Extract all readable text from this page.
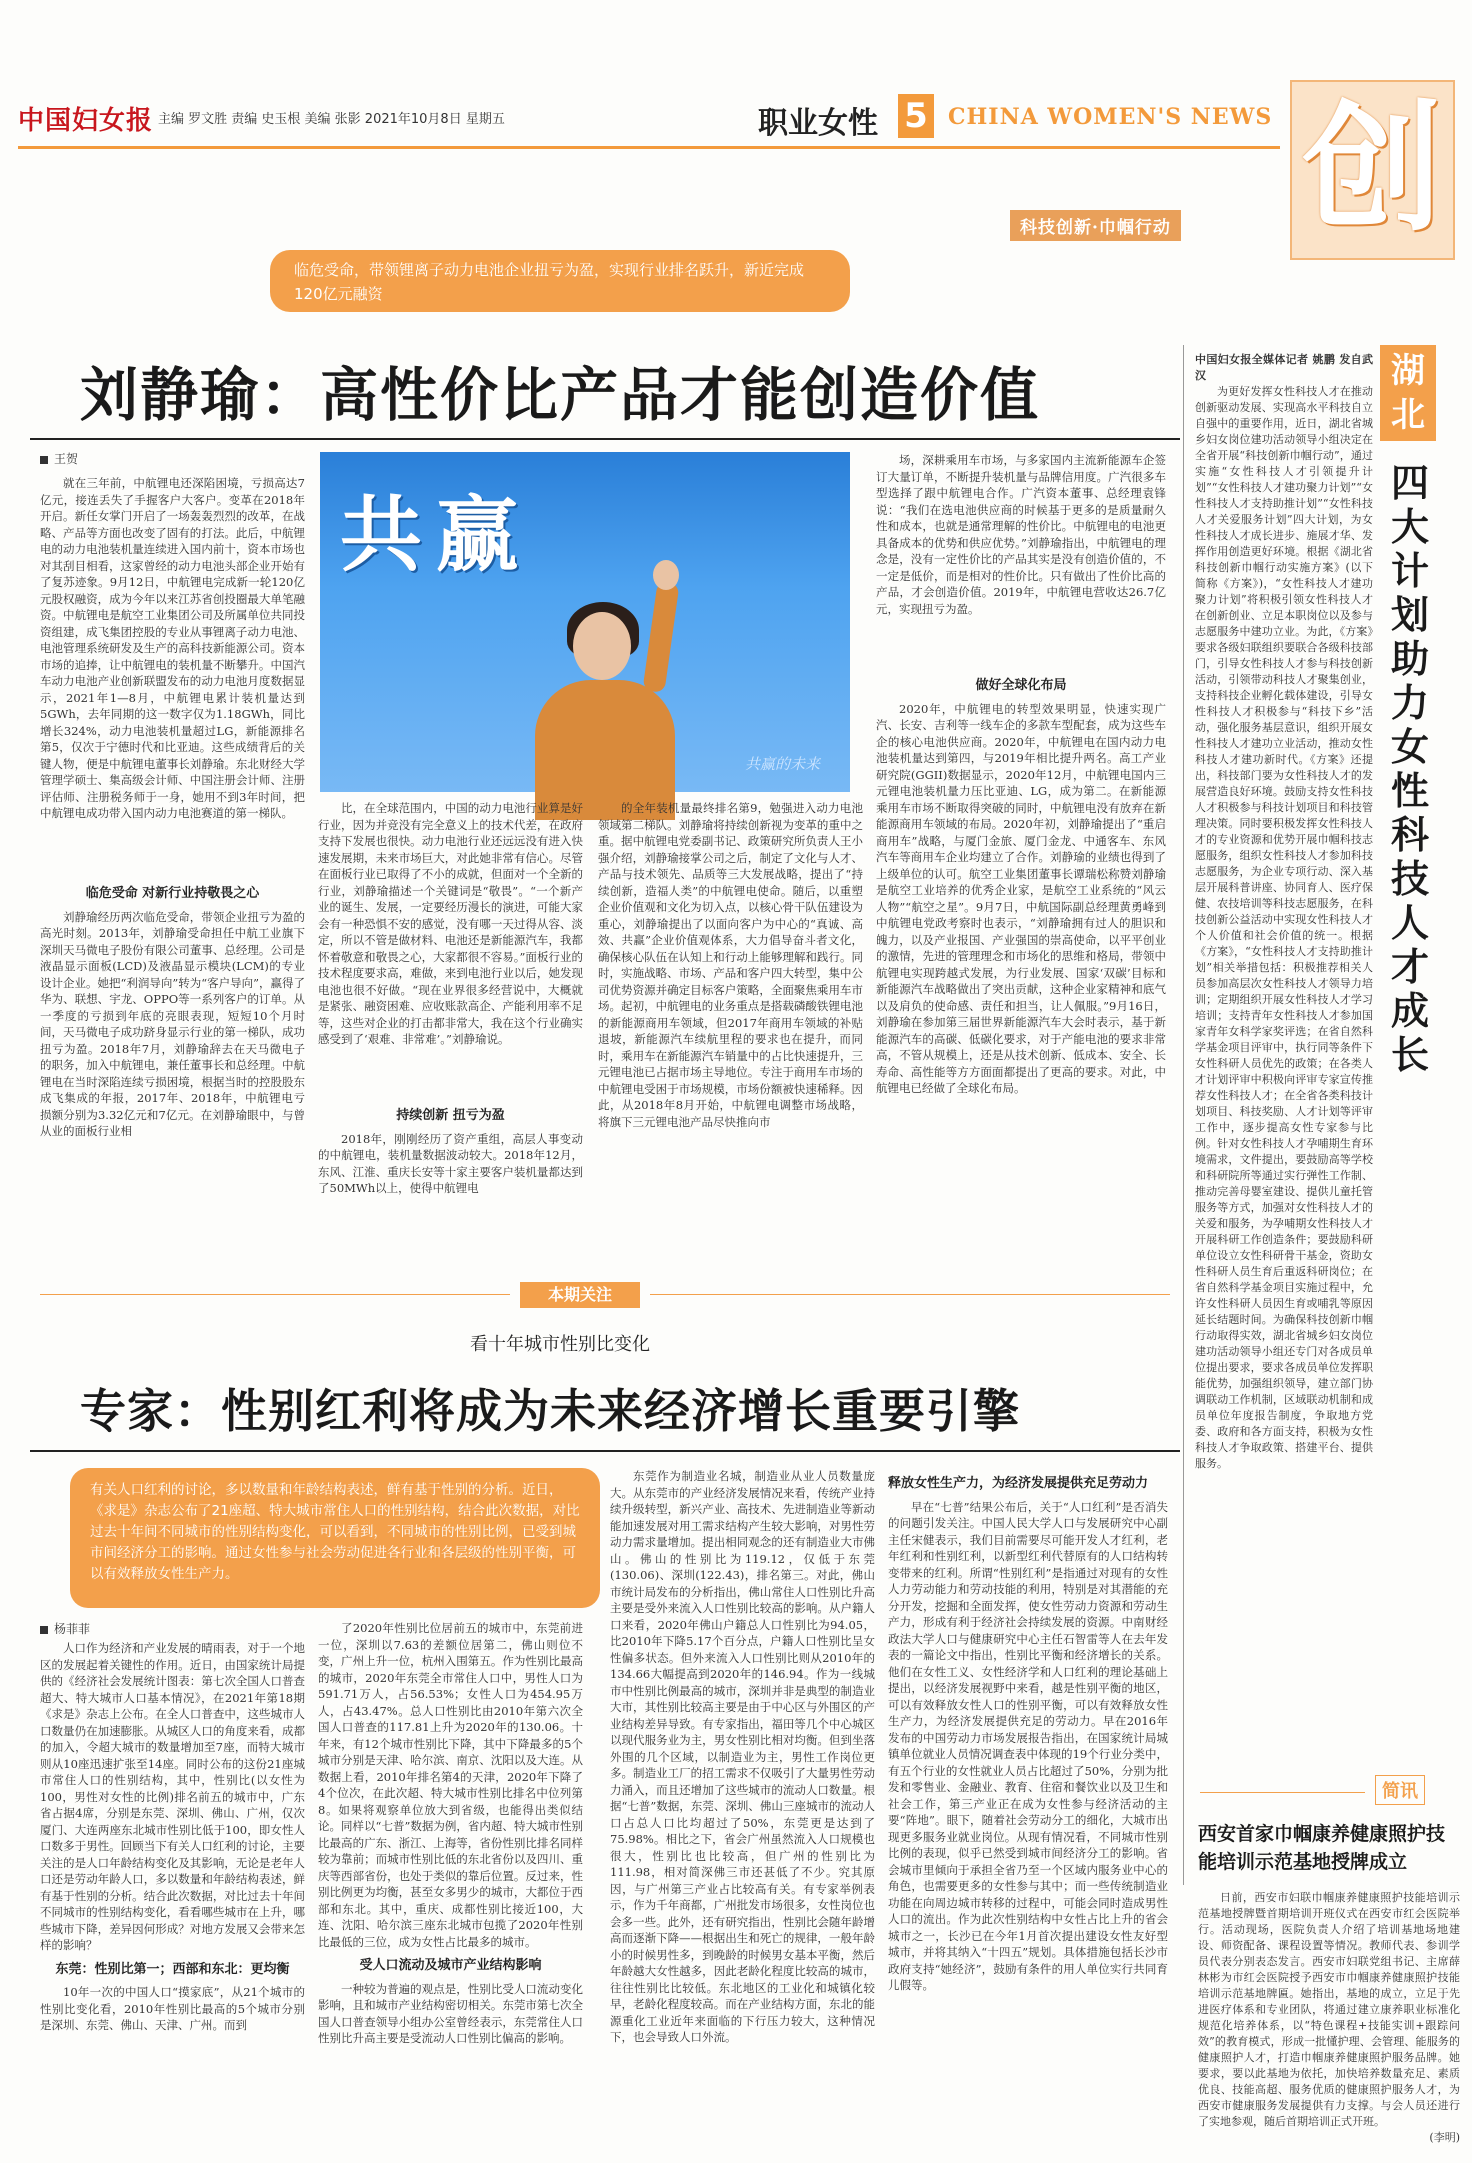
中国妇女报 主编 罗文胜 责编 史玉根 美编 张影 2021年10月8日 星期五	职业女性 5 CHINA WOMEN'S NEWS 创
科技创新·巾帼行动
临危受命，带领锂离子动力电池企业扭亏为盈，实现行业排名跃升，新近完成120亿元融资
刘静瑜：高性价比产品才能创造价值
王贺
共赢
共赢的未来

就在三年前，中航锂电还深陷困境，亏损高达7亿元，接连丢失了手握客户大客户。变革在2018年开启。新任女掌门开启了一场轰轰烈烈的改革，在战略、产品等方面也改变了固有的打法。此后，中航锂电的动力电池装机量连续进入国内前十，资本市场也对其刮目相看，这家曾经的动力电池头部企业开始有了复苏迹象。9月12日，中航锂电完成新一轮120亿元股权融资，成为今年以来江苏省创投圈最大单笔融资。中航锂电是航空工业集团公司及所属单位共同投资组建，成飞集团控股的专业从事锂离子动力电池、电池管理系统研发及生产的高科技新能源公司。资本市场的追捧，让中航锂电的装机量不断攀升。中国汽车动力电池产业创新联盟发布的动力电池月度数据显示，2021年1—8月，中航锂电累计装机量达到5GWh，去年同期的这一数字仅为1.18GWh，同比增长324%，动力电池装机量超过LG，新能源排名第5，仅次于宁德时代和比亚迪。这些成绩背后的关键人物，便是中航锂电董事长刘静瑜。东北财经大学管理学硕士、集高级会计师、中国注册会计师、注册评估师、注册税务师于一身，她用不到3年时间，把中航锂电成功带入国内动力电池赛道的第一梯队。

临危受命 对新行业持敬畏之心

刘静瑜经历两次临危受命，带领企业扭亏为盈的高光时刻。2013年，刘静瑜受命担任中航工业旗下深圳天马微电子股份有限公司董事、总经理。公司是液晶显示面板(LCD)及液晶显示模块(LCM)的专业设计企业。她把“利润导向”转为“客户导向”，赢得了华为、联想、宇龙、OPPO等一系列客户的订单。从一季度的亏损到年底的亮眼表现，短短10个月时间，天马微电子成功跻身显示行业的第一梯队，成功扭亏为盈。2018年7月，刘静瑜辞去在天马微电子的职务，加入中航锂电，兼任董事长和总经理。中航锂电在当时深陷连续亏损困境，根据当时的控股股东成飞集成的年报，2017年、2018年，中航锂电亏损额分别为3.32亿元和7亿元。在刘静瑜眼中，与曾从业的面板行业相

比，在全球范围内，中国的动力电池行业算是好行业，因为并竞没有完全意义上的技术代差，在政府支持下发展也很快。动力电池行业还远远没有进入快速发展期，未来市场巨大，对此她非常有信心。尽管在面板行业已取得了不小的成就，但面对一个全新的行业，刘静瑜描述一个关键词是“敬畏”。“一个新产业的诞生、发展，一定要经历漫长的演进，可能大家会有一种恐惧不安的感觉，没有哪一天过得从容、淡定，所以不管是做材料、电池还是新能源汽车，我都怀着敬意和敬畏之心，大家都很不容易。”面板行业的技术程度要求高，难做，来到电池行业以后，她发现电池也很不好做。“现在业界很多经营说中，大概就是紧张、融资困难、应收账款高企、产能利用率不足等，这些对企业的打击都非常大，我在这个行业确实感受到了‘艰难、非常难’。”刘静瑜说。

持续创新 扭亏为盈

2018年，刚刚经历了资产重组，高层人事变动的中航锂电，装机量数据波动较大。2018年12月，东风、江淮、重庆长安等十家主要客户装机量都达到了50MWh以上，使得中航锂电

的全年装机量最终排名第9，勉强进入动力电池领域第二梯队。刘静瑜将持续创新视为变革的重中之重。据中航锂电党委副书记、政策研究所负责人王小强介绍，刘静瑜接掌公司之后，制定了文化与人才、产品与技术领先、品质等三大发展战略，提出了“持续创新，造福人类”的中航锂电使命。随后，以重塑企业价值观和文化为切入点，以核心骨干队伍建设为重心，刘静瑜提出了以面向客户为中心的“真诚、高效、共赢”企业价值观体系，大力倡导奋斗者文化，确保核心队伍在认知上和行动上能够理解和践行。同时，实施战略、市场、产品和客户四大转型，集中公司优势资源并确定目标客户策略，全面聚焦乘用车市场。起初，中航锂电的业务重点是搭载磷酸铁锂电池的新能源商用车领域，但2017年商用车领域的补贴退坡，新能源汽车续航里程的要求也在提升，而同时，乘用车在新能源汽车销量中的占比快速提升，三元锂电池已占据市场主导地位。专注于商用车市场的中航锂电受困于市场规模，市场份额被快速稀释。因此，从2018年8月开始，中航锂电调整市场战略，将旗下三元锂电池产品尽快推向市

场，深耕乘用车市场，与多家国内主流新能源车企签订大量订单，不断提升装机量与品牌信用度。广汽很多车型选择了跟中航锂电合作。广汽资本董事、总经理袁锋说：“我们在选电池供应商的时候基于更多的是质量耐久性和成本，也就是通常理解的性价比。中航锂电的电池更具备成本的优势和供应优势。”刘静瑜指出，中航锂电的理念是，没有一定性价比的产品其实是没有创造价值的，不一定是低价，而是相对的性价比。只有做出了性价比高的产品，才会创造价值。2019年，中航锂电营收达26.7亿元，实现扭亏为盈。

做好全球化布局

2020年，中航锂电的转型效果明显，快速实现广汽、长安、吉利等一线车企的多款车型配套，成为这些车企的核心电池供应商。2020年，中航锂电在国内动力电池装机量达到第四，与2019年相比提升两名。高工产业研究院(GGII)数据显示，2020年12月，中航锂电国内三元锂电池装机量力压比亚迪、LG，成为第二。在新能源乘用车市场不断取得突破的同时，中航锂电没有放弃在新能源商用车领域的布局。2020年初，刘静瑜提出了“重启商用车”战略，与厦门金旅、厦门金龙、中通客车、东风汽车等商用车企业均建立了合作。刘静瑜的业绩也得到了上级单位的认可。航空工业集团董事长谭瑞松称赞刘静瑜是航空工业培养的优秀企业家，是航空工业系统的“风云人物”“航空之星”。9月7日，中航国际副总经理黄勇峰到中航锂电党政考察时也表示，“刘静瑜拥有过人的胆识和魄力，以及产业报国、产业强国的崇高使命，以平平创业的激情，先进的管理理念和市场化的思维和格局，带领中航锂电实现跨越式发展，为行业发展、国家‘双碳’目标和新能源汽车战略做出了突出贡献，这种企业家精神和底气以及肩负的使命感、责任和担当，让人佩服。”9月16日，刘静瑜在参加第三届世界新能源汽车大会时表示，基于新能源汽车的高碳、低碳化要求，对于产能电池的要求非常高，不管从规模上，还是从技术创新、低成本、安全、长寿命、高性能等方方面面都提出了更高的要求。对此，中航锂电已经做了全球化布局。

本期关注
看十年城市性别比变化
专家：性别红利将成为未来经济增长重要引擎
有关人口红利的讨论，多以数量和年龄结构表述，鲜有基于性别的分析。近日，《求是》杂志公布了21座超、特大城市常住人口的性别结构，结合此次数据，对比过去十年间不同城市的性别结构变化，可以看到，不同城市的性别比例，已受到城市间经济分工的影响。通过女性参与社会劳动促进各行业和各层级的性别平衡，可以有效释放女性生产力。
杨菲菲

人口作为经济和产业发展的晴雨表，对于一个地区的发展起着关键性的作用。近日，由国家统计局提供的《经济社会发展统计图表：第七次全国人口普查超大、特大城市人口基本情况》，在2021年第18期《求是》杂志上公布。在全人口普查中，这些城市人口数量仍在加速膨胀。从城区人口的角度来看，成都的加入，令超大城市的数量增加至7座，而特大城市则从10座迅速扩张至14座。同时公布的这份21座城市常住人口的性别结构，其中，性别比(以女性为100，男性对女性的比例)排名前五的城市中，广东省占据4席，分别是东莞、深圳、佛山、广州，仅次厦门、大连两座东北城市性别比低于100，即女性人口数多于男性。回顾当下有关人口红利的讨论，主要关注的是人口年龄结构变化及其影响，无论是老年人口还是劳动年龄人口，多以数量和年龄结构表述，鲜有基于性别的分析。结合此次数据，对比过去十年间不同城市的性别结构变化，看看哪些城市在上升，哪些城市下降，差异因何形成？对地方发展又会带来怎样的影响？

东莞：性别比第一；西部和东北：更均衡

10年一次的中国人口“摸家底”，从21个城市的性别比变化看，2010年性别比最高的5个城市分别是深圳、东莞、佛山、天津、广州。而到

了2020年性别比位居前五的城市中，东莞前进一位，深圳以7.63的差额位居第二，佛山则位不变，广州上升一位，杭州入围第五。作为性别比最高的城市，2020年东莞全市常住人口中，男性人口为591.71万人，占56.53%；女性人口为454.95万人，占43.47%。总人口性别比由2010年第六次全国人口普查的117.81上升为2020年的130.06。十年来，有12个城市性别比下降，其中下降最多的5个城市分别是天津、哈尔滨、南京、沈阳以及大连。从数据上看，2010年排名第4的天津，2020年下降了4个位次，在此次超、特大城市性别比排名中位列第8。如果将观察单位放大到省级，也能得出类似结论。同样以“七普”数据为例，省内超、特大城市性别比最高的广东、浙江、上海等，省份性别比排名同样较为靠前；而城市性别比低的东北省份以及四川、重庆等西部省份，也处于类似的靠后位置。反过来，性别比例更为均衡，甚至女多男少的城市，大都位于西部和东北。其中，重庆、成都性别比接近100，大连、沈阳、哈尔滨三座东北城市包揽了2020年性别比最低的三位，成为女性占比最多的城市。

受人口流动及城市产业结构影响

一种较为普遍的观点是，性别比受人口流动变化影响，且和城市产业结构密切相关。东莞市第七次全国人口普查领导小组办公室曾经表示，东莞常住人口性别比升高主要是受流动人口性别比偏高的影响。

东莞作为制造业名城，制造业从业人员数量庞大。从东莞市的产业经济发展情况来看，传统产业持续升级转型，新兴产业、高技术、先进制造业等新动能加速发展对用工需求结构产生较大影响，对男性劳动力需求量增加。提出相同观念的还有制造业大市佛山。佛山的性别比为119.12，仅低于东莞(130.06)、深圳(122.43)，排名第三。对此，佛山市统计局发布的分析指出，佛山常住人口性别比升高主要是受外来流入人口性别比较高的影响。从户籍人口来看，2020年佛山户籍总人口性别比为94.05，比2010年下降5.17个百分点，户籍人口性别比呈女性偏多状态。但外来流入人口性别比则从2010年的134.66大幅提高到2020年的146.94。作为一线城市中性别比例最高的城市，深圳并非是典型的制造业大市，其性别比较高主要是由于中心区与外围区的产业结构差异导致。有专家指出，福田等几个中心城区以现代服务业为主，男女性别比相对均衡。但到坐落外围的几个区域，以制造业为主，男性工作岗位更多。制造业工厂的招工需求不仅吸引了大量男性劳动力涌入，而且还增加了这些城市的流动人口数量。根据“七普”数据，东莞、深圳、佛山三座城市的流动人口占总人口比均超过了50%，东莞更是达到了75.98%。相比之下，省会广州虽然流入人口规模也很大，性别比也比较高，但广州的性别比为111.98，相对简深佛三市还甚低了不少。究其原因，与广州第三产业占比较高有关。有专家举例表示，作为千年商都，广州批发市场很多，女性岗位也会多一些。此外，还有研究指出，性别比会随年龄增高而逐渐下降——根据出生和死亡的规律，一般年龄小的时候男性多，到晚龄的时候男女基本平衡，然后年龄越大女性越多，因此老龄化程度比较高的城市，往往性别比比较低。东北地区的工业化和城镇化较早，老龄化程度较高。而在产业结构方面，东北的能源重化工业近年来面临的下行压力较大，这种情况下，也会导致人口外流。

释放女性生产力，为经济发展提供充足劳动力

早在“七普”结果公布后，关于“人口红利”是否消失的问题引发关注。中国人民大学人口与发展研究中心副主任宋健表示，我们目前需要尽可能开发人才红利，老年红利和性别红利，以新型红利代替原有的人口结构转变带来的红利。所谓“性别红利”是指通过对现有的女性人力劳动能力和劳动技能的利用，特别是对其潜能的充分开发，挖掘和全面发挥，使女性劳动力资源和劳动生产力，形成有利于经济社会持续发展的资源。中南财经政法大学人口与健康研究中心主任石智雷等人在去年发表的一篇论文中指出，性别比平衡和经济增长的关系。他们在女性工义、女性经济学和人口红利的理论基础上提出，以经济发展视野中来看，越是性别平衡的地区，可以有效释放女性人口的性别平衡，可以有效释放女性生产力，为经济发展提供充足的劳动力。早在2016年发布的中国劳动力市场发展报告指出，在国家统计局城镇单位就业人员情况调查表中体现的19个行业分类中，有五个行业的女性就业人员占比超过了50%，分别为批发和零售业、金融业、教育、住宿和餐饮业以及卫生和社会工作，第三产业正在成为女性参与经济活动的主要“阵地”。眼下，随着社会劳动分工的细化，大城市出现更多服务业就业岗位。从现有情况看，不同城市性别比例的表现，似乎已然受到城市间经济分工的影响。省会城市里倾向于承担全省乃至一个区域内服务业中心的角色，也需要更多的女性参与其中；而一些传统制造业功能在向周边城市转移的过程中，可能会同时造成男性人口的流出。作为此次性别结构中女性占比上升的省会城市之一，长沙已在今年1月首次提出建设女性友好型城市，并将其纳入“十四五”规划。具体措施包括长沙市政府支持“她经济”，鼓励有条件的用人单位实行共同育儿假等。

湖北
四大计划助力女性科技人才成长

中国妇女报全媒体记者 姚鹏 发自武汉

为更好发挥女性科技人才在推动创新驱动发展、实现高水平科技自立自强中的重要作用，近日，湖北省城乡妇女岗位建功活动领导小组决定在全省开展“科技创新巾帼行动”，通过实施“女性科技人才引领提升计划”“女性科技人才建功聚力计划”“女性科技人才支持助推计划”“女性科技人才关爱服务计划”四大计划，为女性科技人才成长进步、施展才华、发挥作用创造更好环境。根据《湖北省科技创新巾帼行动实施方案》(以下简称《方案》)，“女性科技人才建功聚力计划”将积极引领女性科技人才在创新创业、立足本职岗位以及参与志愿服务中建功立业。为此，《方案》要求各级妇联组织要联合各级科技部门，引导女性科技人才参与科技创新活动，引领带动科技人才聚集创业，支持科技企业孵化载体建设，引导女性科技人才积极参与“科技下乡”活动，强化服务基层意识，组织开展女性科技人才建功立业活动，推动女性科技人才建功新时代。《方案》还提出，科技部门要为女性科技人才的发展营造良好环境。鼓励支持女性科技人才积极参与科技计划项目和科技管理决策。同时要积极发挥女性科技人才的专业资源和优势开展巾帼科技志愿服务，组织女性科技人才参加科技志愿服务，为企业专项行动、深入基层开展科普讲座、协同育人、医疗保健、农技培训等科技志愿服务，在科技创新公益活动中实现女性科技人才个人价值和社会价值的统一。根据《方案》，“女性科技人才支持助推计划”相关举措包括：积极推荐相关人员参加高层次女性科技人才领导力培训；定期组织开展女性科技人才学习培训；支持青年女性科技人才参加国家青年女科学家奖评选；在省自然科学基金项目评审中，执行同等条件下女性科研人员优先的政策；在各类人才计划评审中积极向评审专家宣传推荐女性科技人才；在全省各类科技计划项目、科技奖励、人才计划等评审工作中，逐步提高女性专家参与比例。针对女性科技人才孕哺期生育环境需求，文件提出，要鼓励高等学校和科研院所等通过实行弹性工作制、推动完善母婴室建设、提供儿童托管服务等方式，加强对女性科技人才的关爱和服务，为孕哺期女性科技人才开展科研工作创造条件；要鼓励科研单位设立女性科研骨干基金，资助女性科研人员生育后重返科研岗位；在省自然科学基金项目实施过程中，允许女性科研人员因生育或哺乳等原因延长结题时间。为确保科技创新巾帼行动取得实效，湖北省城乡妇女岗位建功活动领导小组还专门对各成员单位提出要求，要求各成员单位发挥职能优势，加强组织领导，建立部门协调联动工作机制，区域联动机制和成员单位年度报告制度，争取地方党委、政府和各方面支持，积极为女性科技人才争取政策、搭建平台、提供服务。

简讯
西安首家巾帼康养健康照护技能培训示范基地授牌成立

日前，西安市妇联巾帼康养健康照护技能培训示范基地授牌暨首期培训开班仪式在西安市红会医院举行。活动现场，医院负责人介绍了培训基地场地建设、师资配备、课程设置等情况。教师代表、参训学员代表分别表态发言。西安市妇联党组书记、主席薛林彬为市红会医院授予西安市巾帼康养健康照护技能培训示范基地牌匾。她指出，基地的成立，立足于先进医疗体系和专业团队，将通过建立康养职业标准化规范化培养体系，以“特色课程+技能实训+跟踪问效”的教育模式，形成一批懂护理、会管理、能服务的健康照护人才，打造巾帼康养健康照护服务品牌。她要求，要以此基地为依托，加快培养数量充足、素质优良、技能高超、服务优质的健康照护服务人才，为西安市健康服务发展提供有力支撑。与会人员还进行了实地参观，随后首期培训正式开班。

(李明)
